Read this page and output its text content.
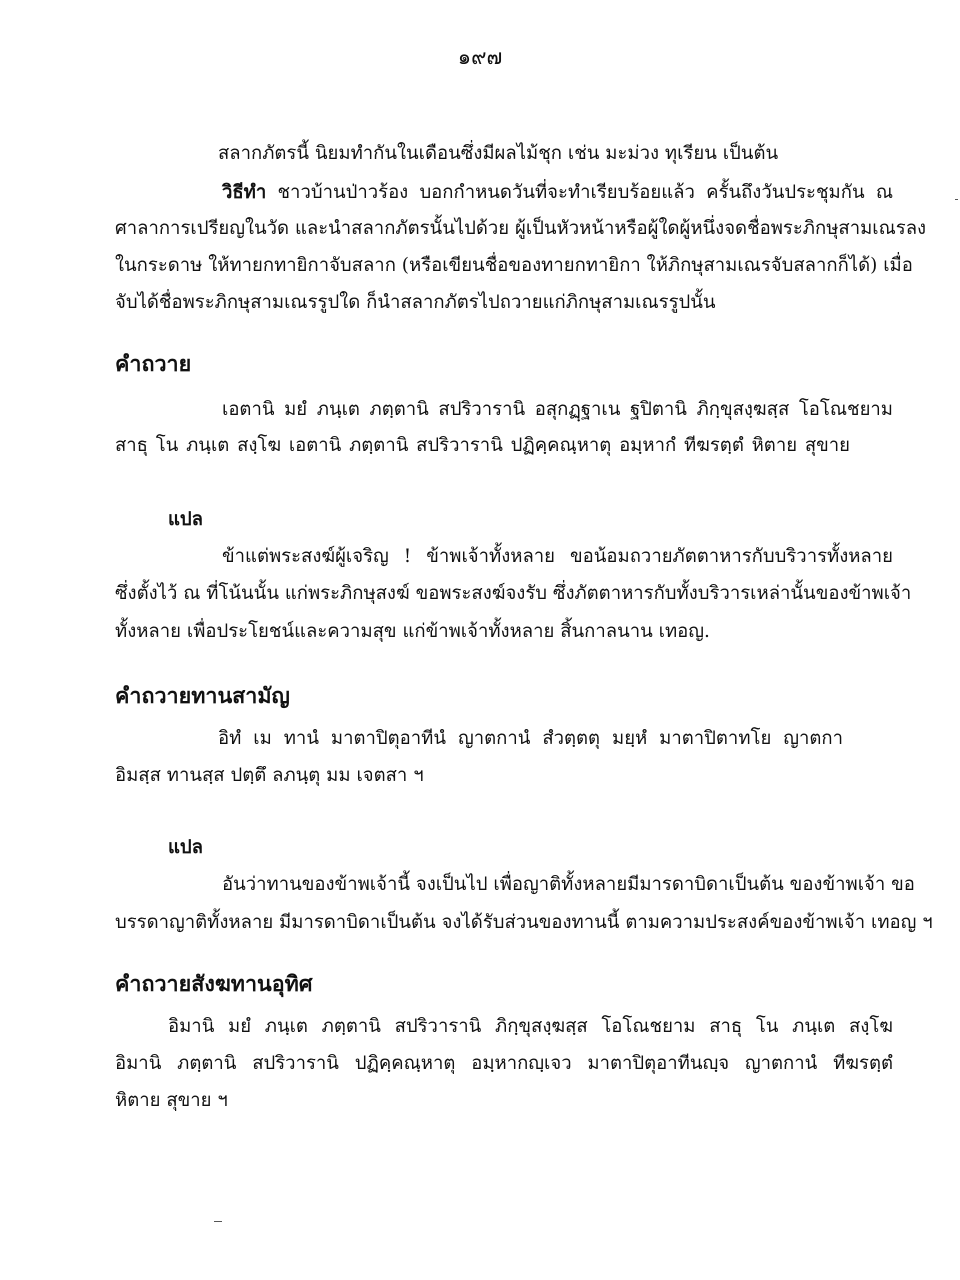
๑๙๗
สลากภัตรนี้ นิยมทำกันในเดือนซึ่งมีผลไม้ชุก เช่น มะม่วง ทุเรียน เป็นต้น
วิธีทำ ชาวบ้านป่าวร้อง บอกกำหนดวันที่จะทำเรียบร้อยแล้ว ครั้นถึงวันประชุมกัน ณ
ศาลาการเปรียญในวัด และนำสลากภัตรนั้นไปด้วย ผู้เป็นหัวหน้าหรือผู้ใดผู้หนึ่งจดชื่อพระภิกษุสามเณรลง
ในกระดาษ ให้ทายกทายิกาจับสลาก (หรือเขียนชื่อของทายกทายิกา ให้ภิกษุสามเณรจับสลากก็ได้) เมื่อ
จับได้ชื่อพระภิกษุสามเณรรูปใด ก็นำสลากภัตรไปถวายแก่ภิกษุสามเณรรูปนั้น
คำถวาย
เอตานิ มยํ ภนฺเต ภตฺตานิ สปริวารานิ อสุกฏฺฐาเน ฐปิตานิ ภิกฺขุสงฺฆสฺส โอโณชยาม
สาธุ โน ภนฺเต สงฺโฆ เอตานิ ภตฺตานิ สปริวารานิ ปฏิคฺคณฺหาตุ อมฺหากํ ทีฆรตฺตํ หิตาย สุขาย
แปล
ข้าแต่พระสงฆ์ผู้เจริญ ! ข้าพเจ้าทั้งหลาย ขอน้อมถวายภัตตาหารกับบริวารทั้งหลาย
ซึ่งตั้งไว้ ณ ที่โน้นนั้น แก่พระภิกษุสงฆ์ ขอพระสงฆ์จงรับ ซึ่งภัตตาหารกับทั้งบริวารเหล่านั้นของข้าพเจ้า
ทั้งหลาย เพื่อประโยชน์และความสุข แก่ข้าพเจ้าทั้งหลาย สิ้นกาลนาน เทอญ.
คำถวายทานสามัญ
อิทํ เม ทานํ มาตาปิตุอาทีนํ ญาตกานํ สํวตฺตตุ มยฺหํ มาตาปิตาทโย ญาตกา
อิมสฺส ทานสฺส ปตฺตึ ลภนฺตุ มม เจตสา ฯ
แปล
อันว่าทานของข้าพเจ้านี้ จงเป็นไป เพื่อญาติทั้งหลายมีมารดาบิดาเป็นต้น ของข้าพเจ้า ขอ
บรรดาญาติทั้งหลาย มีมารดาบิดาเป็นต้น จงได้รับส่วนของทานนี้ ตามความประสงค์ของข้าพเจ้า เทอญ ฯ
คำถวายสังฆทานอุทิศ
อิมานิ มยํ ภนฺเต ภตฺตานิ สปริวารานิ ภิกฺขุสงฺฆสฺส โอโณชยาม สาธุ โน ภนฺเต สงฺโฆ
อิมานิ ภตฺตานิ สปริวารานิ ปฏิคฺคณฺหาตุ อมฺหากญฺเจว มาตาปิตุอาทีนญฺจ ญาตกานํ ทีฆรตฺตํ
หิตาย สุขาย ฯ
